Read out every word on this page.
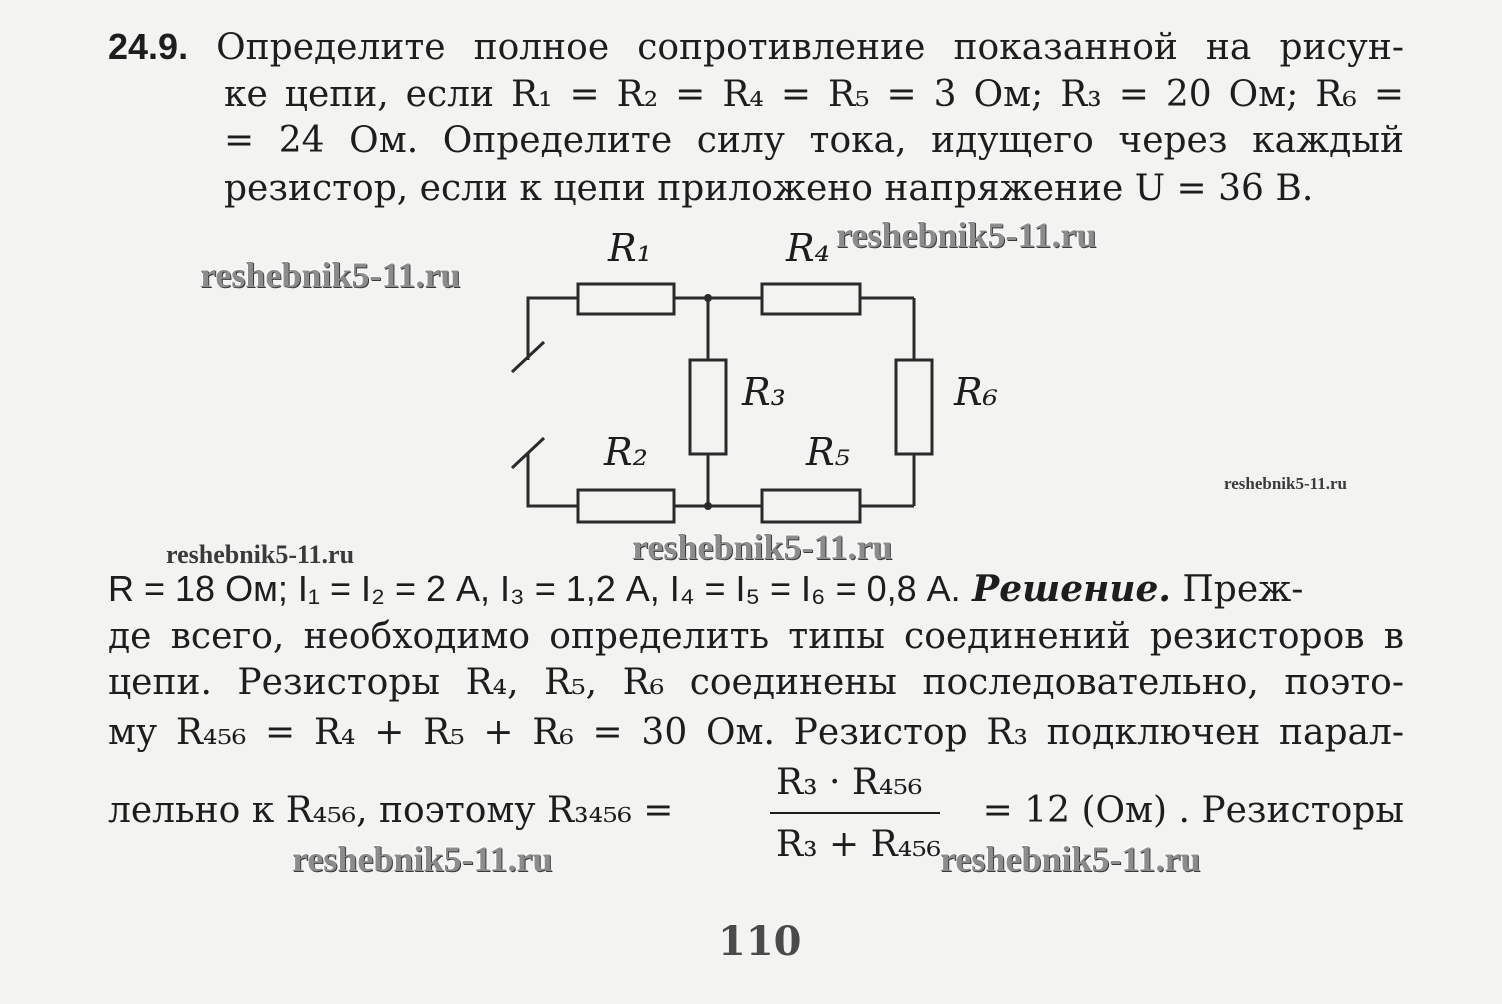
24.9. Определите полное сопротивление показанной на рисун-
ке цепи, если R₁ = R₂ = R₄ = R₅ = 3 Ом; R₃ = 20 Ом; R₆ =
= 24 Ом. Определите силу тока, идущего через каждый
резистор, если к цепи приложено напряжение U = 36 В.
R₁	R₄
R₃	R₆
R₂	R₅
R = 18 Ом; I₁ = I₂ = 2 А, I₃ = 1,2 А, I₄ = I₅ = I₆ = 0,8 А. Решение. Преж-
де всего, необходимо определить типы соединений резисторов в
цепи. Резисторы R₄, R₅, R₆ соединены последовательно, поэто-
му R₄₅₆ = R₄ + R₅ + R₆ = 30 Ом. Резистор R₃ подключен парал-
лельно к R₄₅₆, поэтому R₃₄₅₆ =
R₃ · R₄₅₆
R₃ + R₄₅₆
= 12 (Ом) . Резисторы
110
reshebnik5-11.ru
reshebnik5-11.ru
reshebnik5-11.ru
reshebnik5-11.ru	reshebnik5-11.ru
reshebnik5-11.ru	reshebnik5-11.ru
